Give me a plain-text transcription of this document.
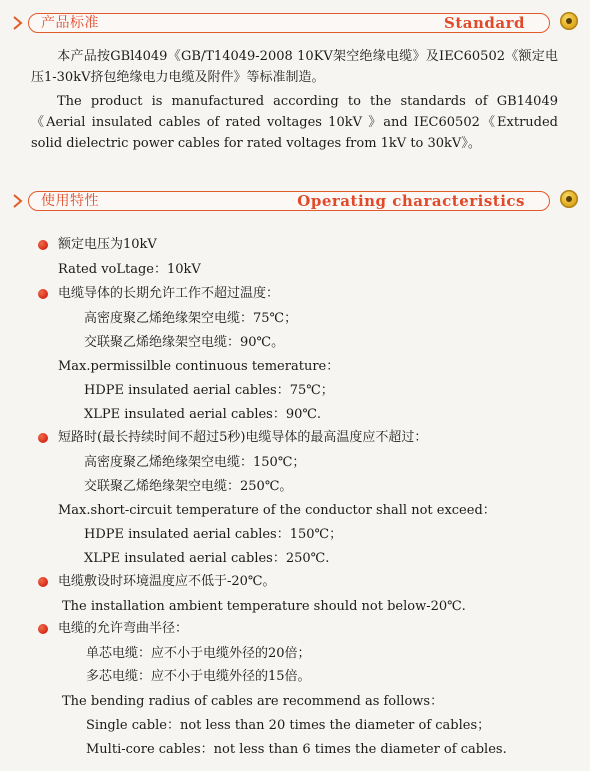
产品标准	Standard
本产品按GBl4049《GB/T14049-2008 10KV架空绝缘电缆》及IEC60502《额定电压1-30kV挤包绝缘电力电缆及附件》等标准制造。
The product is manufactured according to the standards of GB14049《Aerial insulated cables of rated voltages 10kV 》and IEC60502《Extruded solid dielectric power cables for rated voltages from 1kV to 30kV》。
使用特性	Operating characteristics
额定电压为10kV
Rated voLtage：10kV
电缆导体的长期允许工作不超过温度：
高密度聚乙烯绝缘架空电缆：75℃；
交联聚乙烯绝缘架空电缆：90℃。
Max.permissilble continuous temerature：
HDPE insulated aerial cables：75℃；
XLPE insulated aerial cables：90℃.
短路时(最长持续时间不超过5秒)电缆导体的最高温度应不超过：
高密度聚乙烯绝缘架空电缆：150℃；
交联聚乙烯绝缘架空电缆：250℃。
Max.short-circuit temperature of the conductor shall not exceed：
HDPE insulated aerial cables：150℃；
XLPE insulated aerial cables：250℃.
电缆敷设时环境温度应不低于-20℃。
The installation ambient temperature should not below-20℃.
电缆的允许弯曲半径：
单芯电缆：应不小于电缆外径的20倍；
多芯电缆：应不小于电缆外径的15倍。
The bending radius of cables are recommend as follows：
Single cable：not less than 20 times the diameter of cables；
Multi-core cables：not less than 6 times the diameter of cables.
